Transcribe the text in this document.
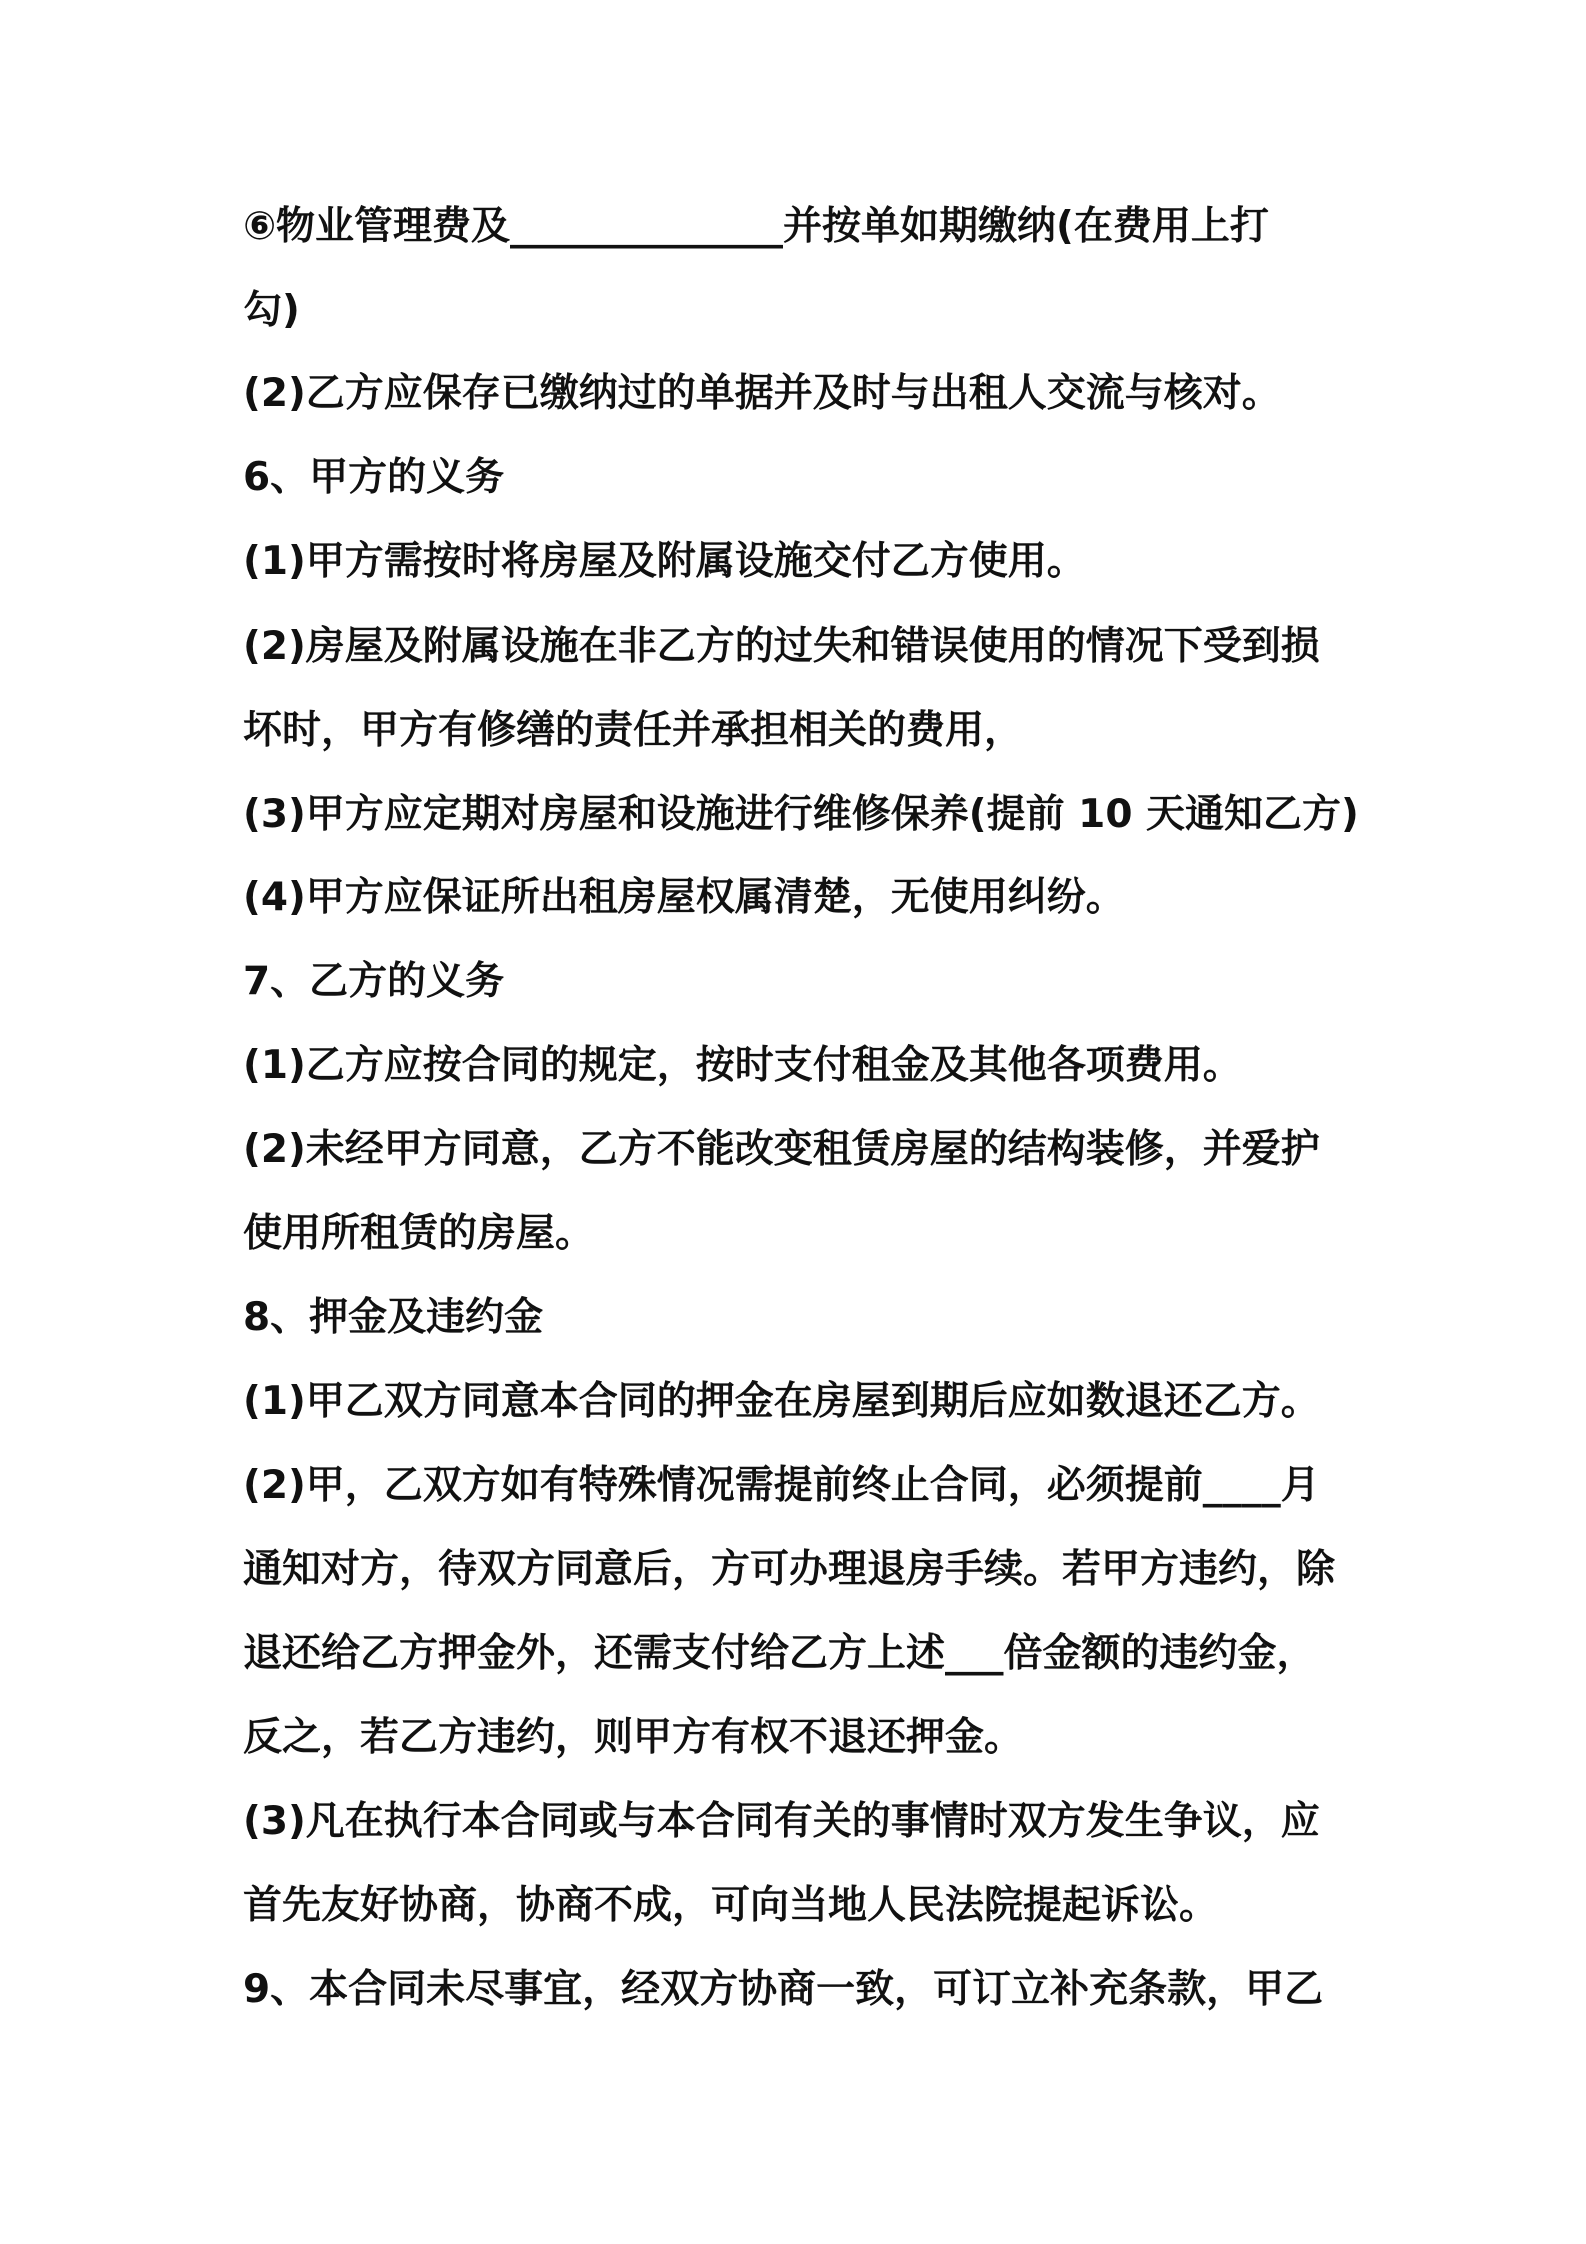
⑥物业管理费及______________并按单如期缴纳(在费用上打
勾)
(2)乙方应保存已缴纳过的单据并及时与出租人交流与核对。
6、甲方的义务
(1)甲方需按时将房屋及附属设施交付乙方使用。
(2)房屋及附属设施在非乙方的过失和错误使用的情况下受到损
坏时，甲方有修缮的责任并承担相关的费用，
(3)甲方应定期对房屋和设施进行维修保养(提前 10 天通知乙方)
(4)甲方应保证所出租房屋权属清楚，无使用纠纷。
7、乙方的义务
(1)乙方应按合同的规定，按时支付租金及其他各项费用。
(2)未经甲方同意，乙方不能改变租赁房屋的结构装修，并爱护
使用所租赁的房屋。
8、押金及违约金
(1)甲乙双方同意本合同的押金在房屋到期后应如数退还乙方。
(2)甲，乙双方如有特殊情况需提前终止合同，必须提前____月
通知对方，待双方同意后，方可办理退房手续。若甲方违约，除
退还给乙方押金外，还需支付给乙方上述___倍金额的违约金，
反之，若乙方违约，则甲方有权不退还押金。
(3)凡在执行本合同或与本合同有关的事情时双方发生争议，应
首先友好协商，协商不成，可向当地人民法院提起诉讼。
9、本合同未尽事宜，经双方协商一致，可订立补充条款，甲乙
